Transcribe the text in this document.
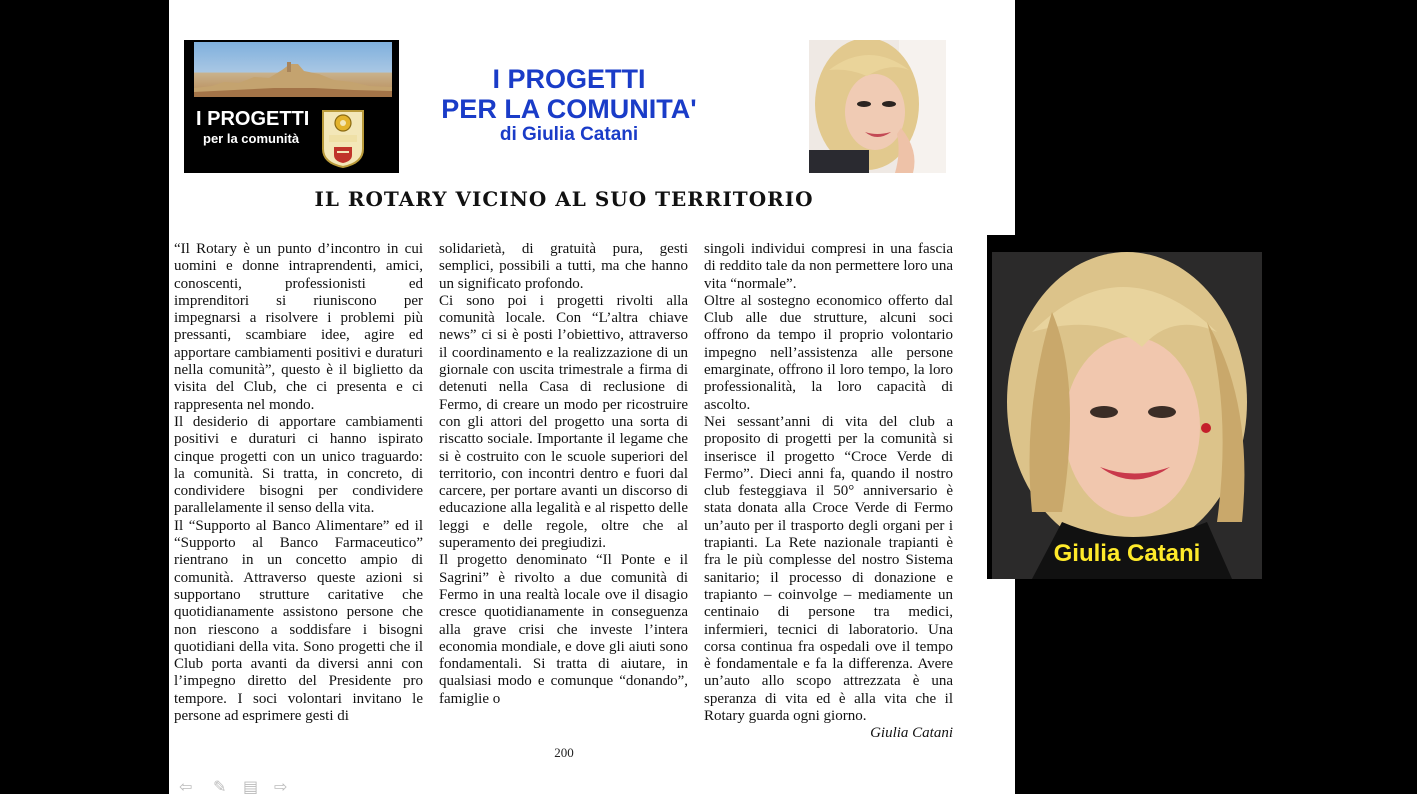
I PROGETTI
per la comunità
I PROGETTI
PER LA COMUNITA'
di Giulia Catani
IL ROTARY VICINO AL SUO TERRITORIO

“Il Rotary è un punto d’incontro in cui uomini e donne intraprendenti, amici, conoscenti, professionisti ed imprenditori si riuniscono per impegnarsi a risolvere i problemi più pressanti, scambiare idee, agire ed apportare cambiamenti positivi e duraturi nella comunità”, questo è il biglietto da visita del Club, che ci presenta e ci rappresenta nel mondo.

Il desiderio di apportare cambiamenti positivi e duraturi ci hanno ispirato cinque progetti con un unico traguardo: la comunità. Si tratta, in concreto, di condividere bisogni per condividere parallelamente il senso della vita.

Il “Supporto al Banco Alimentare” ed il “Supporto al Banco Farmaceutico” rientrano in un concetto ampio di comunità. Attraverso queste azioni si supportano strutture caritative che quotidianamente assistono persone che non riescono a soddisfare i bisogni quotidiani della vita. Sono progetti che il Club porta avanti da diversi anni con l’impegno diretto del Presidente pro tempore. I soci volontari invitano le persone ad esprimere gesti di

solidarietà, di gratuità pura, gesti semplici, possibili a tutti, ma che hanno un significato profondo.

Ci sono poi i progetti rivolti alla comunità locale. Con “L’altra chiave news” ci si è posti l’obiettivo, attraverso il coordinamento e la realizzazione di un giornale con uscita trimestrale a firma di detenuti nella Casa di reclusione di Fermo, di creare un modo per ricostruire con gli attori del progetto una sorta di riscatto sociale. Importante il legame che si è costruito con le scuole superiori del territorio, con incontri dentro e fuori dal carcere, per portare avanti un discorso di educazione alla legalità e al rispetto delle leggi e delle regole, oltre che al superamento dei pregiudizi.

Il progetto denominato “Il Ponte e il Sagrini” è rivolto a due comunità di Fermo in una realtà locale ove il disagio cresce quotidianamente in conseguenza alla grave crisi che investe l’intera economia mondiale, e dove gli aiuti sono fondamentali. Si tratta di aiutare, in qualsiasi modo e comunque “donando”, famiglie o

singoli individui compresi in una fascia di reddito tale da non permettere loro una vita “normale”.

Oltre al sostegno economico offerto dal Club alle due strutture, alcuni soci offrono da tempo il proprio volontario impegno nell’assistenza alle persone emarginate, offrono il loro tempo, la loro professionalità, la loro capacità di ascolto.

Nei sessant’anni di vita del club a proposito di progetti per la comunità si inserisce il progetto “Croce Verde di Fermo”. Dieci anni fa, quando il nostro club festeggiava il 50° anniversario è stata donata alla Croce Verde di Fermo un’auto per il trasporto degli organi per i trapianti. La Rete nazionale trapianti è fra le più complesse del nostro Sistema sanitario; il processo di donazione e trapianto – coinvolge – mediamente un centinaio di persone tra medici, infermieri, tecnici di laboratorio. Una corsa continua fra ospedali ove il tempo è fondamentale e fa la differenza. Avere un’auto allo scopo attrezzata è una speranza di vita ed è alla vita che il Rotary guarda ogni giorno.

Giulia Catani

200
⇦	✎	▤ ⇨
Giulia Catani
